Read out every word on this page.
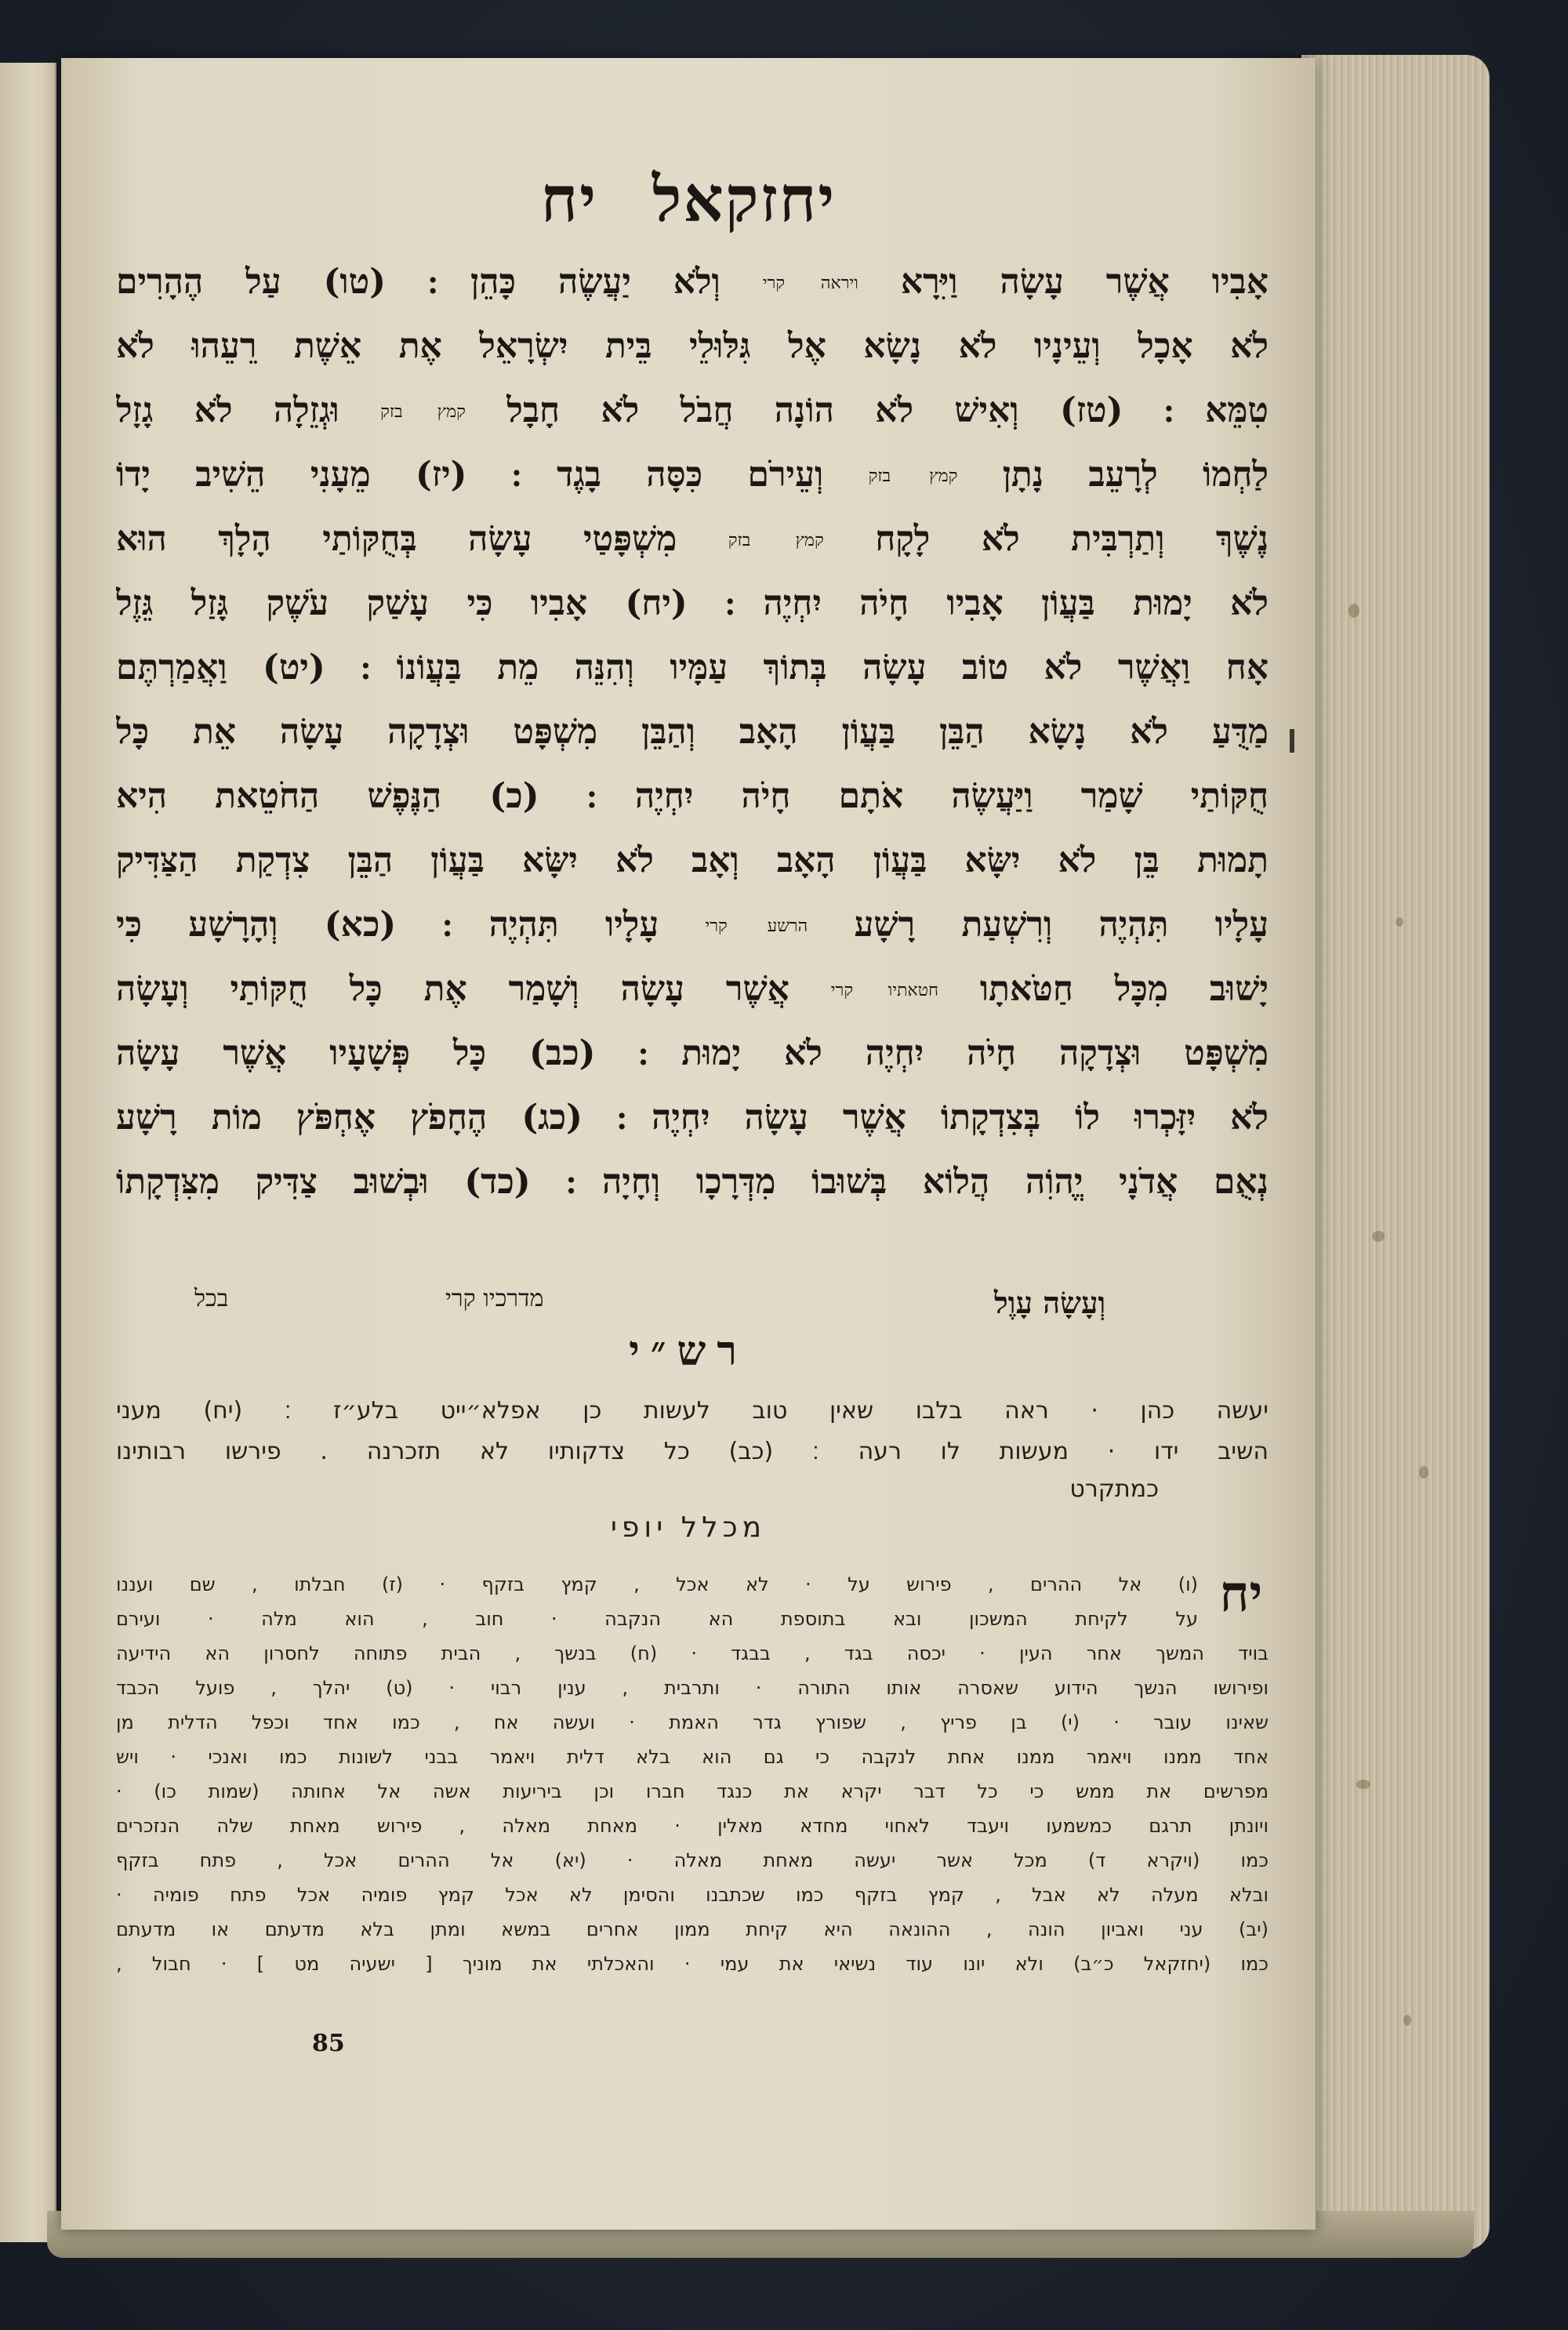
יחזקאל יח
אָבִיו אֲשֶׁר עָשָׂה וַיִּרָא ויראה קרי וְלֹא יַעֲשֶׂה כָּהֵן ׃ (טו) עַל הֶהָרִים
לֹא אָכָל וְעֵינָיו לֹא נָשָׂא אֶל גִּלּוּלֵי בֵּית יִשְׂרָאֵל אֶת אֵשֶׁת רֵעֵהוּ לֹא
טִמֵּא ׃ (טז) וְאִישׁ לֹא הוֹנָה חֲבֹל לֹא חָבָל קמץ בזק וּגְזֵלָה לֹא גָזָל
לַחְמוֹ לְרָעֵב נָתָן קמץ בזק וְעֵירֹם כִּסָּה בָגֶד ׃ (יז) מֵעָנִי הֵשִׁיב יָדוֹ
נֶשֶׁךְ וְתַרְבִּית לֹא לָקָח קמץ בזק מִשְׁפָּטַי עָשָׂה בְּחֻקּוֹתַי הָלָךְ הוּא
לֹא יָמוּת בַּעֲוֹן אָבִיו חָיֹה יִחְיֶה ׃ (יח) אָבִיו כִּי עָשַׁק עֹשֶׁק גָּזַל גֵּזֶל
אָח וַאֲשֶׁר לֹא טוֹב עָשָׂה בְּתוֹךְ עַמָּיו וְהִנֵּה מֵת בַּעֲוֹנוֹ ׃ (יט) וַאֲמַרְתֶּם
מַדֻּעַ לֹא נָשָׂא הַבֵּן בַּעֲוֹן הָאָב וְהַבֵּן מִשְׁפָּט וּצְדָקָה עָשָׂה אֵת כָּל
חֻקּוֹתַי שָׁמַר וַיַּעֲשֶׂה אֹתָם חָיֹה יִחְיֶה ׃ (כ) הַנֶּפֶשׁ הַחֹטֵאת הִיא
תָמוּת בֵּן לֹא יִשָּׂא בַּעֲוֹן הָאָב וְאָב לֹא יִשָּׂא בַּעֲוֹן הַבֵּן צִדְקַת הַצַּדִּיק
עָלָיו תִּהְיֶה וְרִשְׁעַת רָשָׁע הרשע קרי עָלָיו תִּהְיֶה ׃ (כא) וְהָרָשָׁע כִּי
יָשׁוּב מִכָּל חַטֹּאתָו חטאתיו קרי אֲשֶׁר עָשָׂה וְשָׁמַר אֶת כָּל חֻקּוֹתַי וְעָשָׂה
מִשְׁפָּט וּצְדָקָה חָיֹה יִחְיֶה לֹא יָמוּת ׃ (כב) כָּל פְּשָׁעָיו אֲשֶׁר עָשָׂה
לֹא יִזָּכְרוּ לוֹ בְּצִדְקָתוֹ אֲשֶׁר עָשָׂה יִחְיֶה ׃ (כג) הֶחָפֹץ אֶחְפֹּץ מוֹת רָשָׁע
נְאֻם אֲדֹנָי יֱהוִֹה הֲלוֹא בְּשׁוּבוֹ מִדְּרָכָו וְחָיָה ׃ (כד) וּבְשׁוּב צַדִּיק מִצִּדְקָתוֹ
וְעָשָׂה עָוֶל
מדרכיו קרי
בכל
רש״י
יעשה כהן · ראה בלבו שאין טוב לעשות כן אפלא״ייט בלע״ז ׃ (יח) מעני
השיב ידו · מעשות לו רעה ׃ (כב) כל צדקותיו לא תזכרנה . פירשו רבותינו
כמתקרט
מכלל יופי
יח
(ו) אל ההרים , פירוש על · לא אכל , קמץ בזקף · (ז) חבלתו , שם ועננו
על לקיחת המשכון ובא בתוספת הא הנקבה · חוב , הוא מלה · ועירם
בויד המשך אחר העין · יכסה בגד , בבגד · (ח) בנשך , הבית פתוחה לחסרון הא הידיעה
ופירושו הנשך הידוע שאסרה אותו התורה · ותרבית , ענין רבוי · (ט) יהלך , פועל הכבד
שאינו עובר · (י) בן פריץ , שפורץ גדר האמת · ועשה אח , כמו אחד וכפל הדלית מן
אחד ממנו ויאמר ממנו אחת לנקבה כי גם הוא בלא דלית ויאמר בבני לשונות כמו ואנכי · ויש
מפרשים את ממש כי כל דבר יקרא את כנגד חברו וכן ביריעות אשה אל אחותה (שמות כו) ·
ויונתן תרגם כמשמעו ויעבד לאחוי מחדא מאלין · מאחת מאלה , פירוש מאחת שלה הנזכרים
כמו (ויקרא ד) מכל אשר יעשה מאחת מאלה · (יא) אל ההרים אכל , פתח בזקף
ובלא מעלה לא אבל , קמץ בזקף כמו שכתבנו והסימן לא אכל קמץ פומיה אכל פתח פומיה ·
(יב) עני ואביון הונה , ההונאה היא קיחת ממון אחרים במשא ומתן בלא מדעתם או מדעתם
כמו (יחזקאל כ״ב) ולא יונו עוד נשיאי את עמי · והאכלתי את מוניך [ ישעיה מט ] · חבול ,
85
